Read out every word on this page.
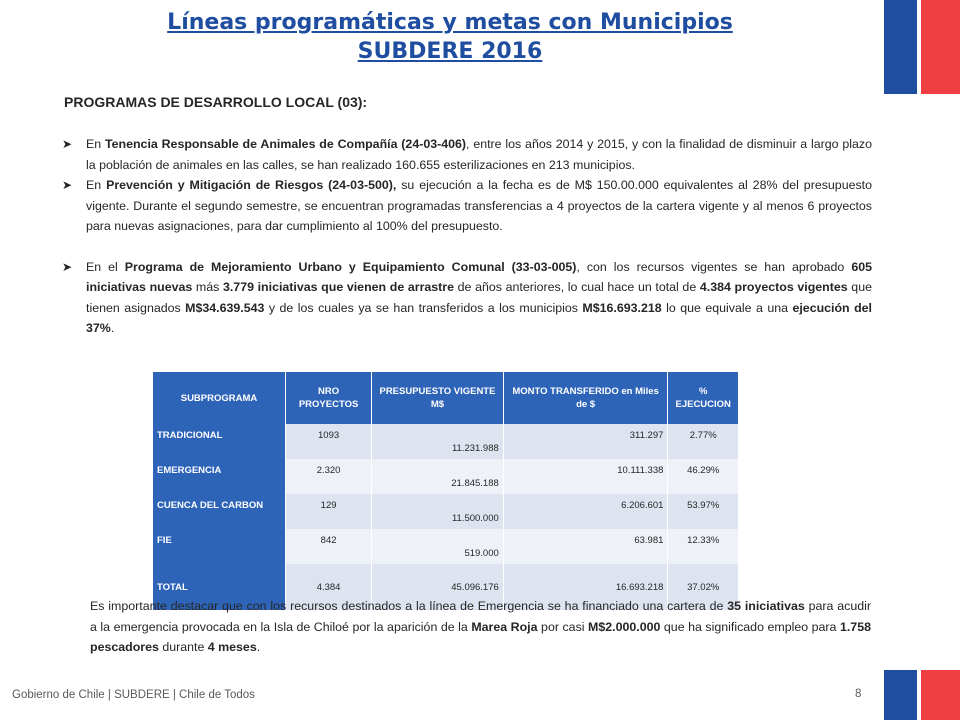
Líneas programáticas y metas con Municipios
SUBDERE 2016
PROGRAMAS DE DESARROLLO LOCAL (03):
➤ En Tenencia Responsable de Animales de Compañía (24-03-406), entre los años 2014 y 2015, y con la finalidad de disminuir a largo plazo la población de animales en las calles, se han realizado 160.655 esterilizaciones en 213 municipios.
➤ En Prevención y Mitigación de Riesgos (24-03-500), su ejecución a la fecha es de M$ 150.00.000 equivalentes al 28% del presupuesto vigente. Durante el segundo semestre, se encuentran programadas transferencias a 4 proyectos de la cartera vigente y al menos 6 proyectos para nuevas asignaciones, para dar cumplimiento al 100% del presupuesto.
➤ En el Programa de Mejoramiento Urbano y Equipamiento Comunal (33-03-005), con los recursos vigentes se han aprobado 605 iniciativas nuevas más 3.779 iniciativas que vienen de arrastre de años anteriores, lo cual hace un total de 4.384 proyectos vigentes que tienen asignados M$34.639.543 y de los cuales ya se han transferidos a los municipios M$16.693.218 lo que equivale a una ejecución del 37%.
SUBPROGRAMA	NRO PROYECTOS	PRESUPUESTO VIGENTE M$	MONTO TRANSFERIDO en Miles de $	% EJECUCION
TRADICIONAL	1093	11.231.988	311.297	2.77%
EMERGENCIA	2.320	21.845.188	10.111.338	46.29%
CUENCA DEL CARBON	129	11.500.000	6.206.601	53.97%
FIE	842	519.000	63.981	12.33%
TOTAL	4.384	45.096.176	16.693.218	37.02%
Es importante destacar que con los recursos destinados a la línea de Emergencia se ha financiado una cartera de 35 iniciativas para acudir a la emergencia provocada en la Isla de Chiloé por la aparición de la Marea Roja por casi M$2.000.000 que ha significado empleo para 1.758 pescadores durante 4 meses.
Gobierno de Chile | SUBDERE | Chile de Todos	8
